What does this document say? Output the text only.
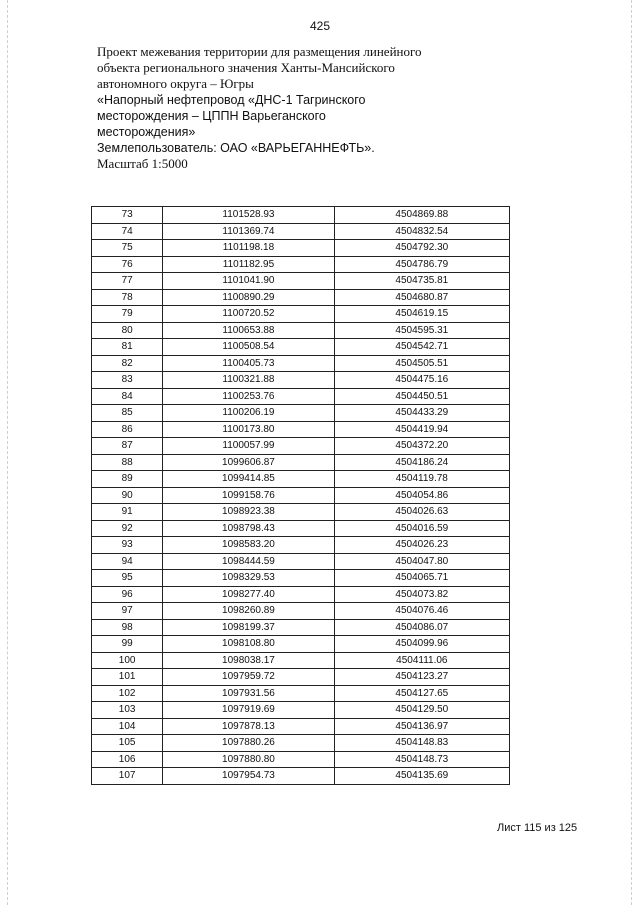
425
Проект межевания территории для размещения линейного
объекта регионального значения Ханты-Мансийского
автономного округа – Югры
«Напорный нефтепровод «ДНС-1 Тагринского
месторождения – ЦППН Варьеганского
месторождения»
Землепользователь: ОАО «ВАРЬЕГАННЕФТЬ».
Масштаб 1:5000
73	1101528.93	4504869.88
74	1101369.74	4504832.54
75	1101198.18	4504792.30
76	1101182.95	4504786.79
77	1101041.90	4504735.81
78	1100890.29	4504680.87
79	1100720.52	4504619.15
80	1100653.88	4504595.31
81	1100508.54	4504542.71
82	1100405.73	4504505.51
83	1100321.88	4504475.16
84	1100253.76	4504450.51
85	1100206.19	4504433.29
86	1100173.80	4504419.94
87	1100057.99	4504372.20
88	1099606.87	4504186.24
89	1099414.85	4504119.78
90	1099158.76	4504054.86
91	1098923.38	4504026.63
92	1098798.43	4504016.59
93	1098583.20	4504026.23
94	1098444.59	4504047.80
95	1098329.53	4504065.71
96	1098277.40	4504073.82
97	1098260.89	4504076.46
98	1098199.37	4504086.07
99	1098108.80	4504099.96
100	1098038.17	4504111.06
101	1097959.72	4504123.27
102	1097931.56	4504127.65
103	1097919.69	4504129.50
104	1097878.13	4504136.97
105	1097880.26	4504148.83
106	1097880.80	4504148.73
107	1097954.73	4504135.69
Лист 115 из 125
